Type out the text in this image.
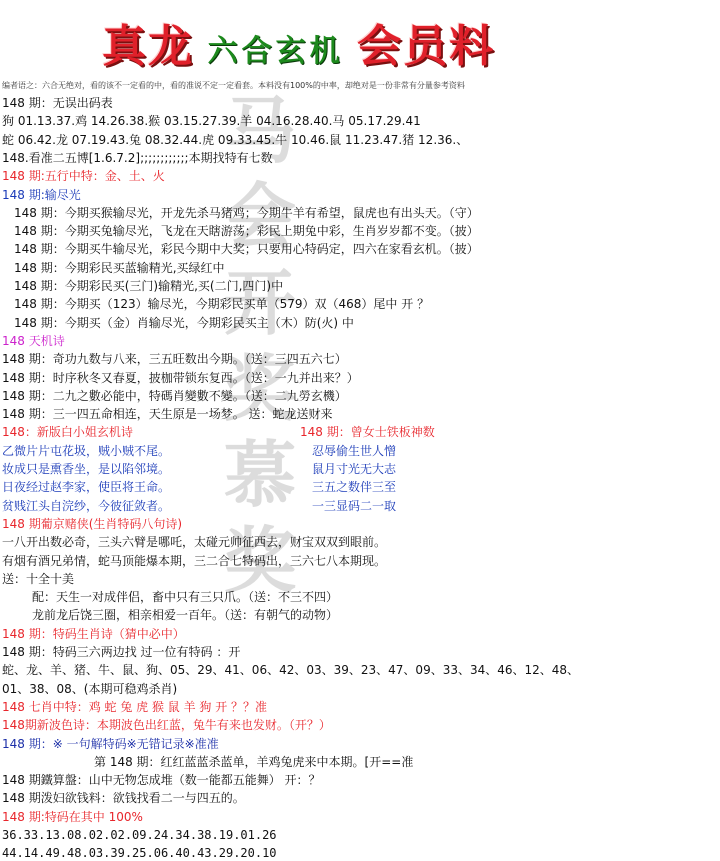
真龙 六合玄机 会员料
马会开奖慕奖
编者语之：六合无绝对，看的该不一定看的中，看的准说不定一定看套。本料没有100%的中率，却绝对是一份非常有分量参考资料
148 期：无误出码表
狗 01.13.37.鸡 14.26.38.猴 03.15.27.39.羊 04.16.28.40.马 05.17.29.41
蛇 06.42.龙 07.19.43.兔 08.32.44.虎 09.33.45.牛 10.46.鼠 11.23.47.猪 12.36.、
148.看准二五博[1.6.7.2];;;;;;;;;;;;本期找特有七数
148 期:五行中特：金、土、火
148 期:输尽光
148 期：今期买猴输尽光，开龙先杀马猪鸡；今期牛羊有希望，鼠虎也有出头天。（守）
148 期：今期买兔输尽光，飞龙在天瞎游荡；彩民上期兔中彩，生肖岁岁都不变。（披）
148 期：今期买牛输尽光，彩民今期中大奖；只要用心特码定，四六在家看玄机。（披）
148 期：今期彩民买蓝输精光,买绿红中
148 期：今期彩民买(三门)输精光,买(二门,四门)中
148 期：今期买（123）输尽光，今期彩民买单（579）双（468）尾中 开 ？
148 期：今期买（金）肖输尽光，今期彩民买主（木）防(火) 中
148 天机诗
148 期：奇功九数与八来，三五旺数出今期。（送：三四五六七）
148 期：时序秋冬又春夏，披枷带锁东复西。（送：一九并出来？）
148 期：二九之數必能中，特碼肖變數不變。（送：二九勞玄機）
148 期：三一四五命相连，天生原是一场梦。 送：蛇龙送财来
148：新版白小姐玄机诗	148 期：曾女士铁板神数
乙微片片屯花圾，贼小贼不尾。
妆成只是熏香坐，是以陷邻境。
日夜经过赵李家，使臣将王命。
贫贱江头自浣纱，今彼征敛者。
忍辱偷生世人憎
鼠月寸光无大志
三五之数伴三至
一三显码二一取
148 期葡京赌侠(生肖特码八句诗)
一八开出数必奇，三头六臂是哪吒，太碰元帅征西去，财宝双双到眼前。
有烟有酒兄弟情，蛇马顶能爆本期，三二合七特码出，三六七八本期现。
送：十全十美
配：天生一对成伴侣，畜中只有三只爪。（送：不三不四）
龙前龙后饶三圈，相亲相爱一百年。（送：有朝气的动物）
148 期：特码生肖诗（猜中必中）
148 期：特码三六两边找 过一位有特码 ：开
蛇、龙、羊、猪、牛、鼠、狗、05、29、41、06、42、03、39、23、47、09、33、34、46、12、48、
01、38、08、(本期可稳鸡杀肖)
148 七肖中特：鸡 蛇 兔 虎 猴 鼠 羊 狗 开 ？？准
148期新波色诗：本期波色出红蓝，兔牛有来也发财。（开？）
148 期：※ 一句解特码※无错记录※准准
第 148 期：红红蓝蓝杀蓝单，羊鸡兔虎来中本期。[开==准
148 期鐵算盤：山中无物怎成堆（数一能都五能舞） 开：？
148 期泼妇欲钱料：欲钱找看二一与四五的。
148 期:特码在其中 100%
36.33.13.08.02.02.09.24.34.38.19.01.26
44.14.49.48.03.39.25.06.40.43.29.20.10
